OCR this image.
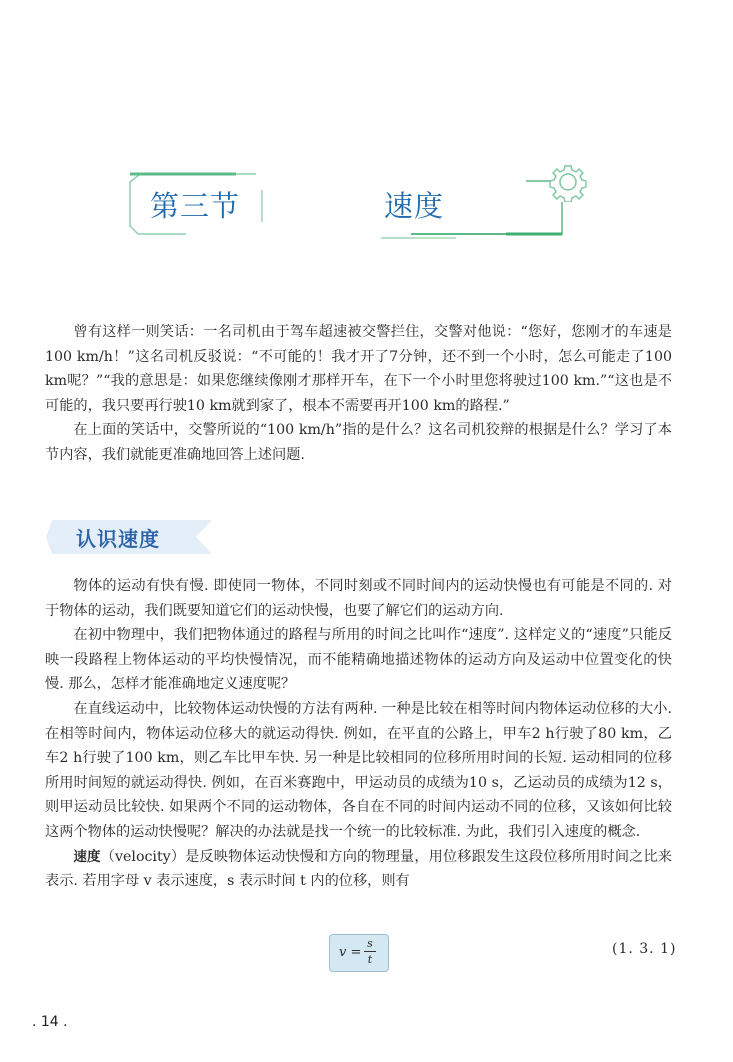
第三节	速度

曾有这样一则笑话：一名司机由于驾车超速被交警拦住，交警对他说：“您好，您刚才的车速是100 km/h！”这名司机反驳说：“不可能的！我才开了7分钟，还不到一个小时，怎么可能走了100 km呢？”“我的意思是：如果您继续像刚才那样开车，在下一个小时里您将驶过100 km.”“这也是不可能的，我只要再行驶10 km就到家了，根本不需要再开100 km的路程.”

在上面的笑话中，交警所说的“100 km/h”指的是什么？这名司机狡辩的根据是什么？学习了本节内容，我们就能更准确地回答上述问题.

认识速度

物体的运动有快有慢. 即使同一物体，不同时刻或不同时间内的运动快慢也有可能是不同的. 对于物体的运动，我们既要知道它们的运动快慢，也要了解它们的运动方向.

在初中物理中，我们把物体通过的路程与所用的时间之比叫作“速度”. 这样定义的“速度”只能反映一段路程上物体运动的平均快慢情况，而不能精确地描述物体的运动方向及运动中位置变化的快慢. 那么，怎样才能准确地定义速度呢？

在直线运动中，比较物体运动快慢的方法有两种. 一种是比较在相等时间内物体运动位移的大小. 在相等时间内，物体运动位移大的就运动得快. 例如，在平直的公路上，甲车2 h行驶了80 km，乙车2 h行驶了100 km，则乙车比甲车快. 另一种是比较相同的位移所用时间的长短. 运动相同的位移所用时间短的就运动得快. 例如，在百米赛跑中，甲运动员的成绩为10 s，乙运动员的成绩为12 s，则甲运动员比较快. 如果两个不同的运动物体，各自在不同的时间内运动不同的位移，又该如何比较这两个物体的运动快慢呢？解决的办法就是找一个统一的比较标准. 为此，我们引入速度的概念.

速度（velocity）是反映物体运动快慢和方向的物理量，用位移跟发生这段位移所用时间之比来表示. 若用字母 v 表示速度，s 表示时间 t 内的位移，则有

v =
s
t
(1. 3. 1)
. 14 .
